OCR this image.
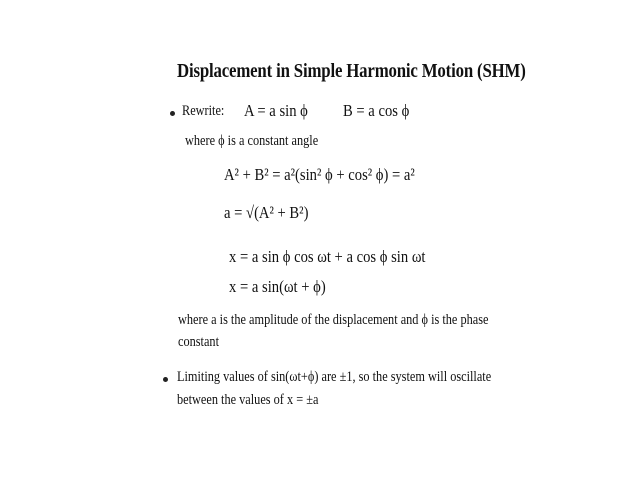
Displacement in Simple Harmonic Motion (SHM)
Rewrite: A = a sin ϕ B = a cos ϕ
where ϕ is a constant angle
A² + B² = a²(sin² ϕ + cos² ϕ) = a²
a = √(A² + B²)
x = a sin ϕ cos ωt + a cos ϕ sin ωt
x = a sin(ωt + ϕ)
where a is the amplitude of the displacement and ϕ is the phase
constant
Limiting values of sin(ωt+ϕ) are ±1, so the system will oscillate
between the values of x = ±a
